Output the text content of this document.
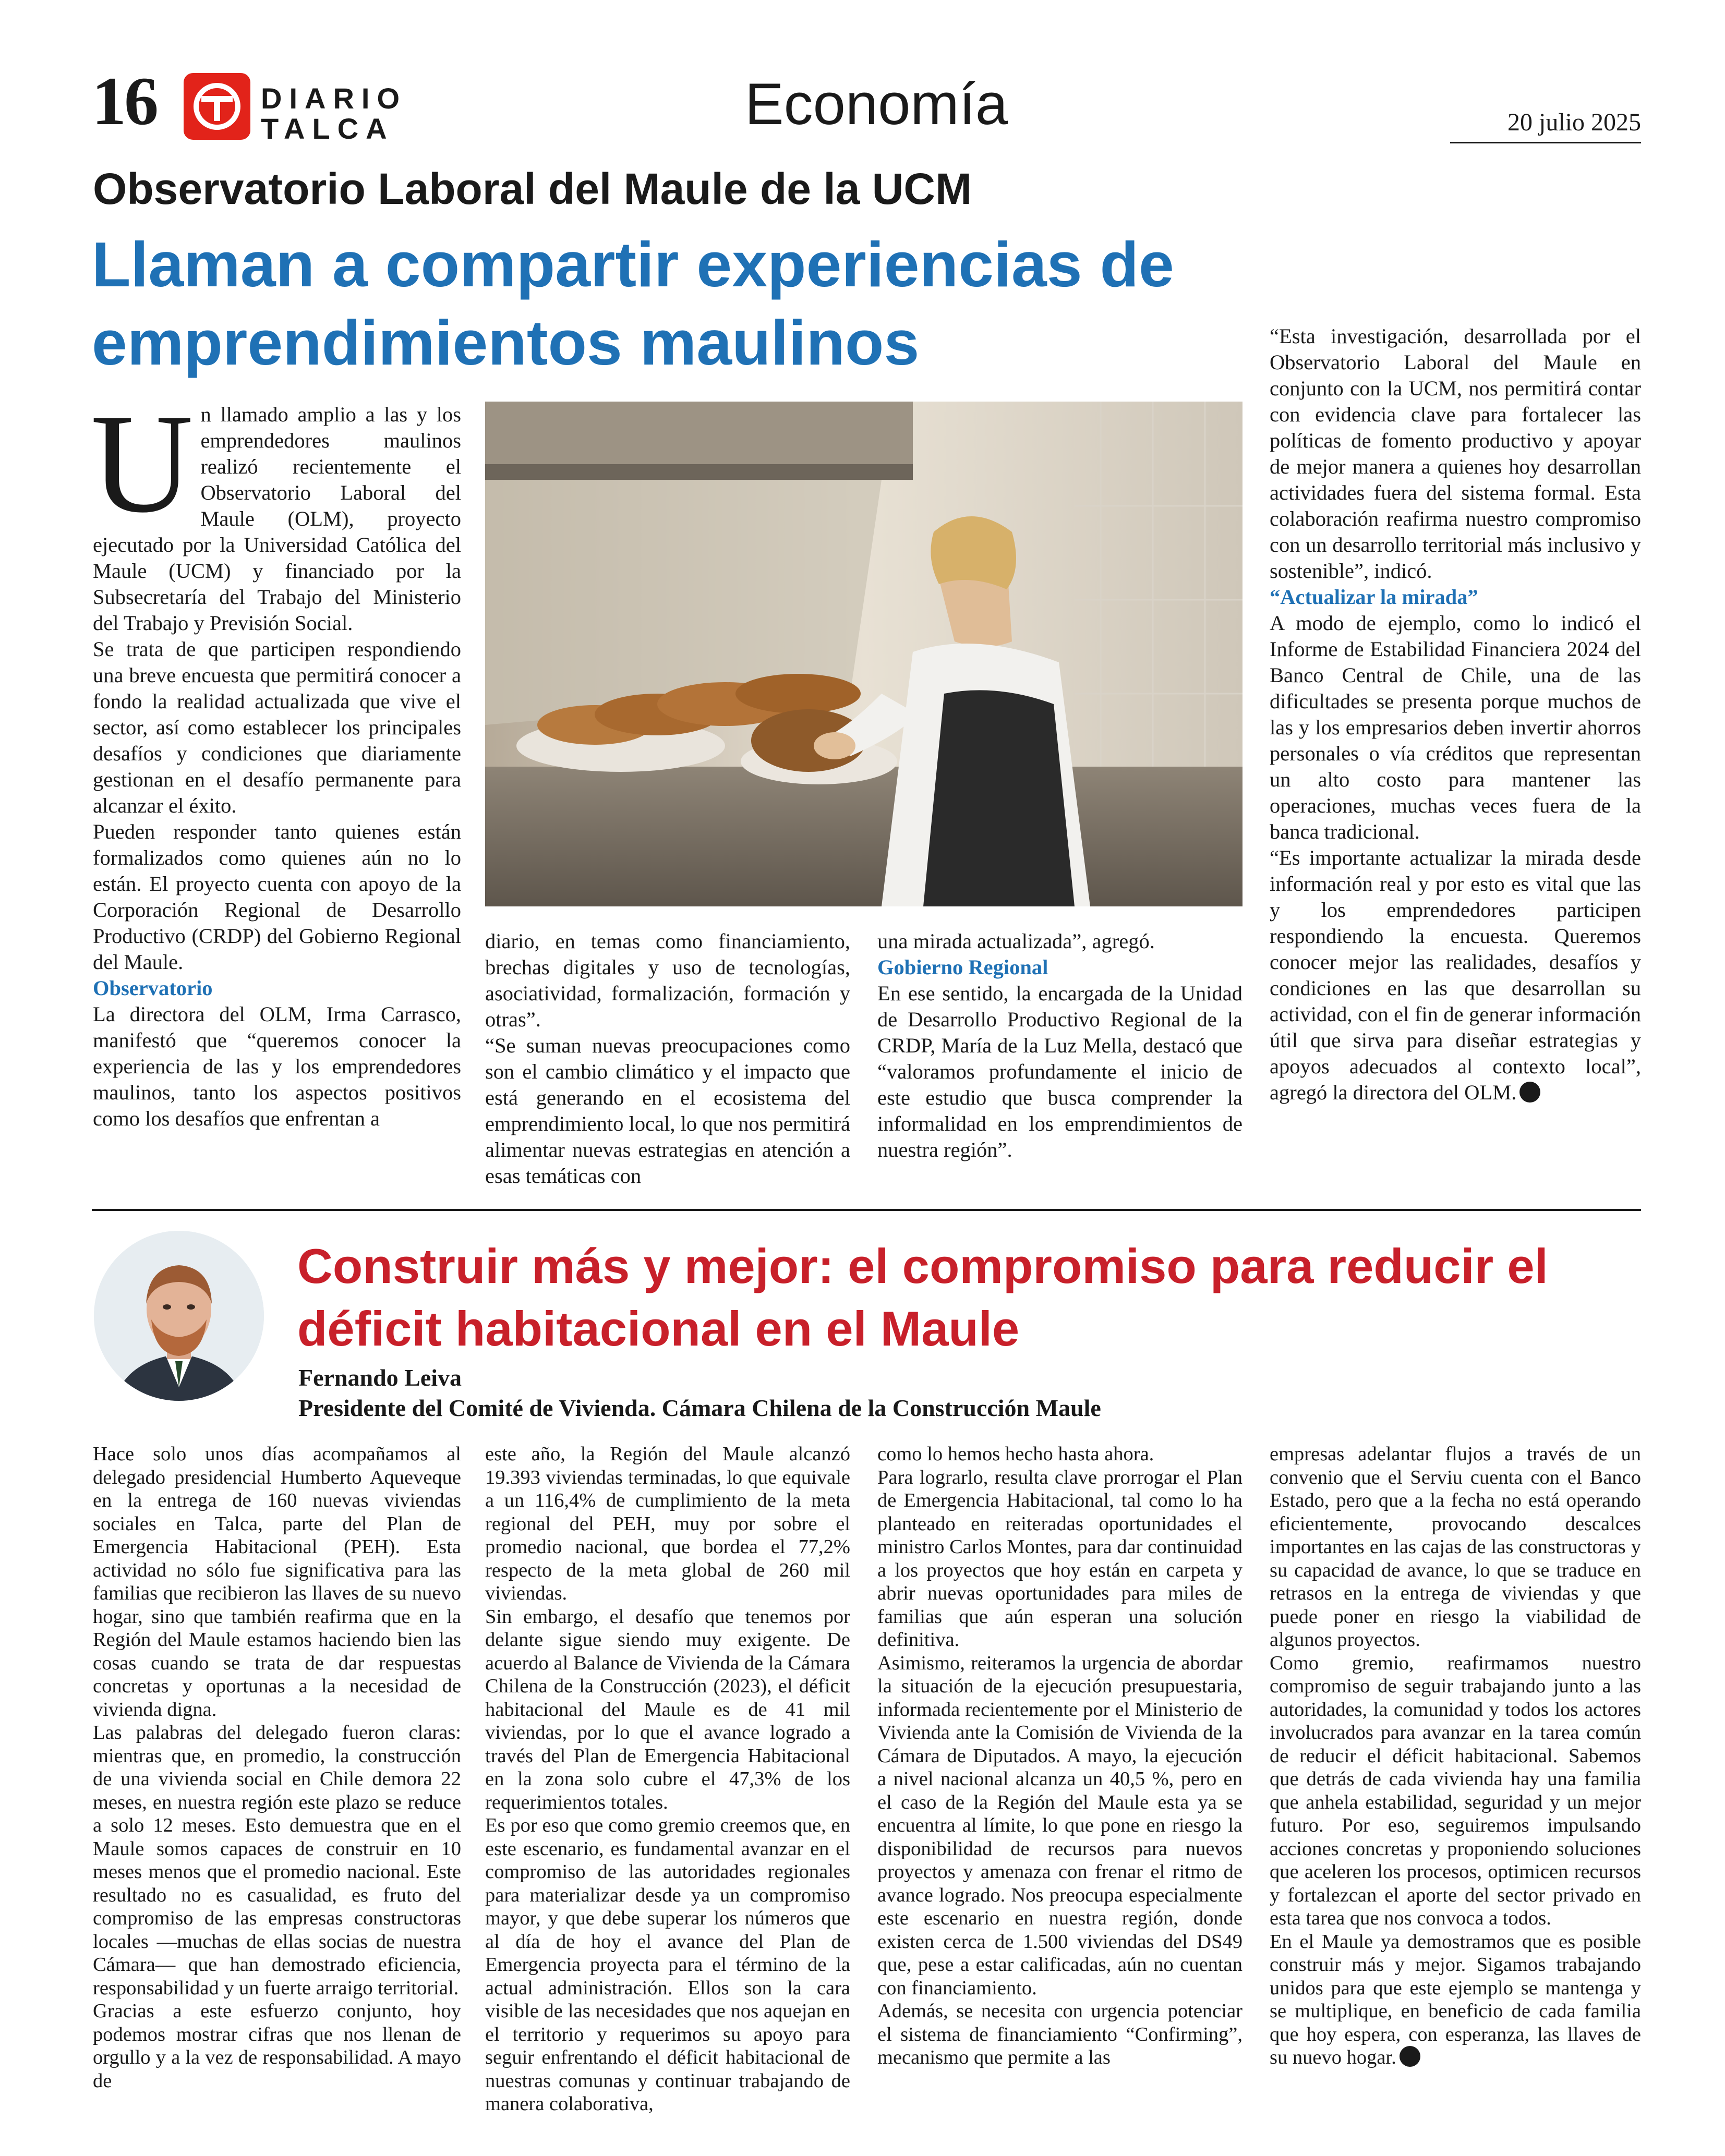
16	DIARIO
TALCA	Economía	20 julio 2025
Observatorio Laboral del Maule de la UCM
Llaman a compartir experiencias de emprendimientos maulinos

Un llamado amplio a las y los emprendedores maulinos realizó recientemente el Observatorio Laboral del Maule (OLM), proyecto ejecutado por la Universidad Católica del Maule (UCM) y financiado por la Subsecretaría del Trabajo del Ministerio del Trabajo y Previsión Social.

Se trata de que participen respondiendo una breve encuesta que permitirá conocer a fondo la realidad actualizada que vive el sector, así como establecer los principales desafíos y condiciones que diariamente gestionan en el desafío permanente para alcanzar el éxito.

Pueden responder tanto quienes están formalizados como quienes aún no lo están. El proyecto cuenta con apoyo de la Corporación Regional de Desarrollo Productivo (CRDP) del Gobierno Regional del Maule.

Observatorio

La directora del OLM, Irma Carrasco, manifestó que “queremos conocer la experiencia de las y los emprendedores maulinos, tanto los aspectos positivos como los desafíos que enfrentan a

diario, en temas como financiamiento, brechas digitales y uso de tecnologías, asociatividad, formalización, formación y otras”.

“Se suman nuevas preocupaciones como son el cambio climático y el impacto que está generando en el ecosistema del emprendimiento local, lo que nos permitirá alimentar nuevas estrategias en atención a esas temáticas con

una mirada actualizada”, agregó.

Gobierno Regional

En ese sentido, la encargada de la Unidad de Desarrollo Productivo Regional de la CRDP, María de la Luz Mella, destacó que “valoramos profundamente el inicio de este estudio que busca comprender la informalidad en los emprendimientos de nuestra región”.

“Esta investigación, desarrollada por el Observatorio Laboral del Maule en conjunto con la UCM, nos permitirá contar con evidencia clave para fortalecer las políticas de fomento productivo y apoyar de mejor manera a quienes hoy desarrollan actividades fuera del sistema formal. Esta colaboración reafirma nuestro compromiso con un desarrollo territorial más inclusivo y sostenible”, indicó.

“Actualizar la mirada”

A modo de ejemplo, como lo indicó el Informe de Estabilidad Financiera 2024 del Banco Central de Chile, una de las dificultades se presenta porque muchos de las y los empresarios deben invertir ahorros personales o vía créditos que representan un alto costo para mantener las operaciones, muchas veces fuera de la banca tradicional.

“Es importante actualizar la mirada desde información real y por esto es vital que las y los emprendedores participen respondiendo la encuesta. Queremos conocer mejor las realidades, desafíos y condiciones en las que desarrollan su actividad, con el fin de generar información útil que sirva para diseñar estrategias y apoyos adecuados al contexto local”, agregó la directora del OLM.

Construir más y mejor: el compromiso para reducir el déficit habitacional en el Maule
Fernando Leiva
Presidente del Comité de Vivienda. Cámara Chilena de la Construcción Maule

Hace solo unos días acompañamos al delegado presidencial Humberto Aqueveque en la entrega de 160 nuevas viviendas sociales en Talca, parte del Plan de Emergencia Habitacional (PEH). Esta actividad no sólo fue significativa para las familias que recibieron las llaves de su nuevo hogar, sino que también reafirma que en la Región del Maule estamos haciendo bien las cosas cuando se trata de dar respuestas concretas y oportunas a la necesidad de vivienda digna.

Las palabras del delegado fueron claras: mientras que, en promedio, la construcción de una vivienda social en Chile demora 22 meses, en nuestra región este plazo se reduce a solo 12 meses. Esto demuestra que en el Maule somos capaces de construir en 10 meses menos que el promedio nacional. Este resultado no es casualidad, es fruto del compromiso de las empresas constructoras locales —muchas de ellas socias de nuestra Cámara— que han demostrado eficiencia, responsabilidad y un fuerte arraigo territorial.

Gracias a este esfuerzo conjunto, hoy podemos mostrar cifras que nos llenan de orgullo y a la vez de responsabilidad. A mayo de

este año, la Región del Maule alcanzó 19.393 viviendas terminadas, lo que equivale a un 116,4% de cumplimiento de la meta regional del PEH, muy por sobre el promedio nacional, que bordea el 77,2% respecto de la meta global de 260 mil viviendas.

Sin embargo, el desafío que tenemos por delante sigue siendo muy exigente. De acuerdo al Balance de Vivienda de la Cámara Chilena de la Construcción (2023), el déficit habitacional del Maule es de 41 mil viviendas, por lo que el avance logrado a través del Plan de Emergencia Habitacional en la zona solo cubre el 47,3% de los requerimientos totales.

Es por eso que como gremio creemos que, en este escenario, es fundamental avanzar en el compromiso de las autoridades regionales para materializar desde ya un compromiso mayor, y que debe superar los números que al día de hoy el avance del Plan de Emergencia proyecta para el término de la actual administración. Ellos son la cara visible de las necesidades que nos aquejan en el territorio y requerimos su apoyo para seguir enfrentando el déficit habitacional de nuestras comunas y continuar trabajando de manera colaborativa,

como lo hemos hecho hasta ahora.

Para lograrlo, resulta clave prorrogar el Plan de Emergencia Habitacional, tal como lo ha planteado en reiteradas oportunidades el ministro Carlos Montes, para dar continuidad a los proyectos que hoy están en carpeta y abrir nuevas oportunidades para miles de familias que aún esperan una solución definitiva.

Asimismo, reiteramos la urgencia de abordar la situación de la ejecución presupuestaria, informada recientemente por el Ministerio de Vivienda ante la Comisión de Vivienda de la Cámara de Diputados. A mayo, la ejecución a nivel nacional alcanza un 40,5 %, pero en el caso de la Región del Maule esta ya se encuentra al límite, lo que pone en riesgo la disponibilidad de recursos para nuevos proyectos y amenaza con frenar el ritmo de avance logrado. Nos preocupa especialmente este escenario en nuestra región, donde existen cerca de 1.500 viviendas del DS49 que, pese a estar calificadas, aún no cuentan con financiamiento.

Además, se necesita con urgencia potenciar el sistema de financiamiento “Confirming”, mecanismo que permite a las

empresas adelantar flujos a través de un convenio que el Serviu cuenta con el Banco Estado, pero que a la fecha no está operando eficientemente, provocando descalces importantes en las cajas de las constructoras y su capacidad de avance, lo que se traduce en retrasos en la entrega de viviendas y que puede poner en riesgo la viabilidad de algunos proyectos.

Como gremio, reafirmamos nuestro compromiso de seguir trabajando junto a las autoridades, la comunidad y todos los actores involucrados para avanzar en la tarea común de reducir el déficit habitacional. Sabemos que detrás de cada vivienda hay una familia que anhela estabilidad, seguridad y un mejor futuro. Por eso, seguiremos impulsando acciones concretas y proponiendo soluciones que aceleren los procesos, optimicen recursos y fortalezcan el aporte del sector privado en esta tarea que nos convoca a todos.

En el Maule ya demostramos que es posible construir más y mejor. Sigamos trabajando unidos para que este ejemplo se mantenga y se multiplique, en beneficio de cada familia que hoy espera, con esperanza, las llaves de su nuevo hogar.
